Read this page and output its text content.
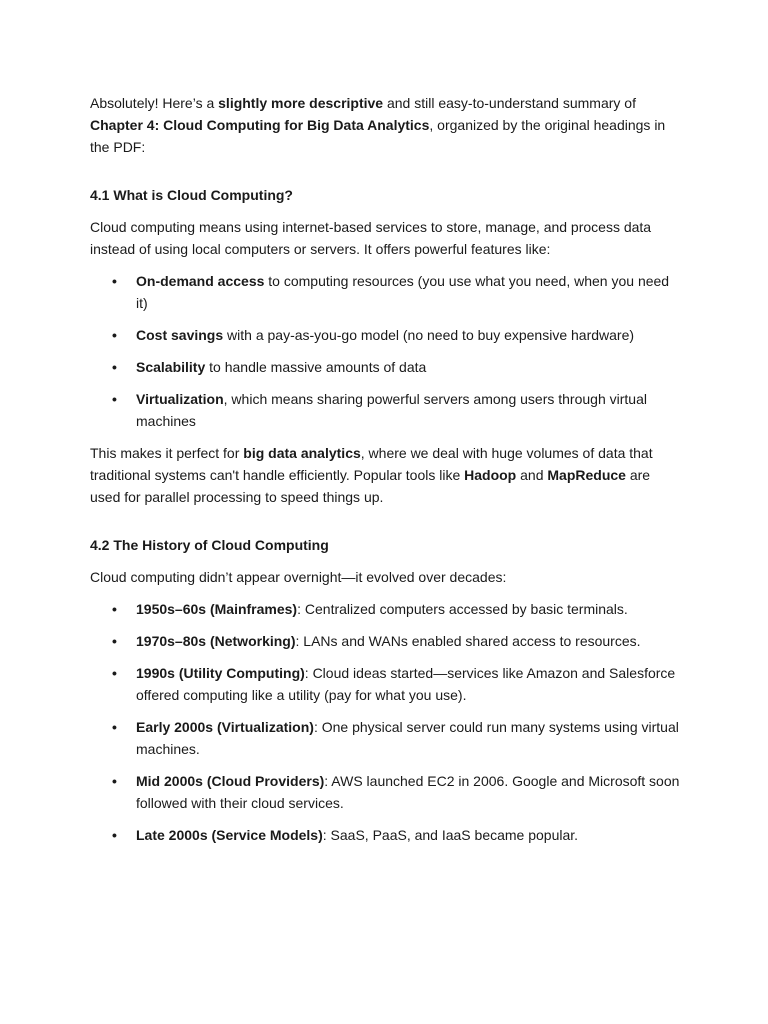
Absolutely! Here’s a slightly more descriptive and still easy-to-understand summary of Chapter 4: Cloud Computing for Big Data Analytics, organized by the original headings in the PDF:

4.1 What is Cloud Computing?

Cloud computing means using internet-based services to store, manage, and process data instead of using local computers or servers. It offers powerful features like:

• On-demand access to computing resources (you use what you need, when you need it)
• Cost savings with a pay-as-you-go model (no need to buy expensive hardware)
• Scalability to handle massive amounts of data
• Virtualization, which means sharing powerful servers among users through virtual machines

This makes it perfect for big data analytics, where we deal with huge volumes of data that traditional systems can't handle efficiently. Popular tools like Hadoop and MapReduce are used for parallel processing to speed things up.

4.2 The History of Cloud Computing

Cloud computing didn’t appear overnight—it evolved over decades:

• 1950s–60s (Mainframes): Centralized computers accessed by basic terminals.
• 1970s–80s (Networking): LANs and WANs enabled shared access to resources.
• 1990s (Utility Computing): Cloud ideas started—services like Amazon and Salesforce offered computing like a utility (pay for what you use).
• Early 2000s (Virtualization): One physical server could run many systems using virtual machines.
• Mid 2000s (Cloud Providers): AWS launched EC2 in 2006. Google and Microsoft soon followed with their cloud services.
• Late 2000s (Service Models): SaaS, PaaS, and IaaS became popular.
